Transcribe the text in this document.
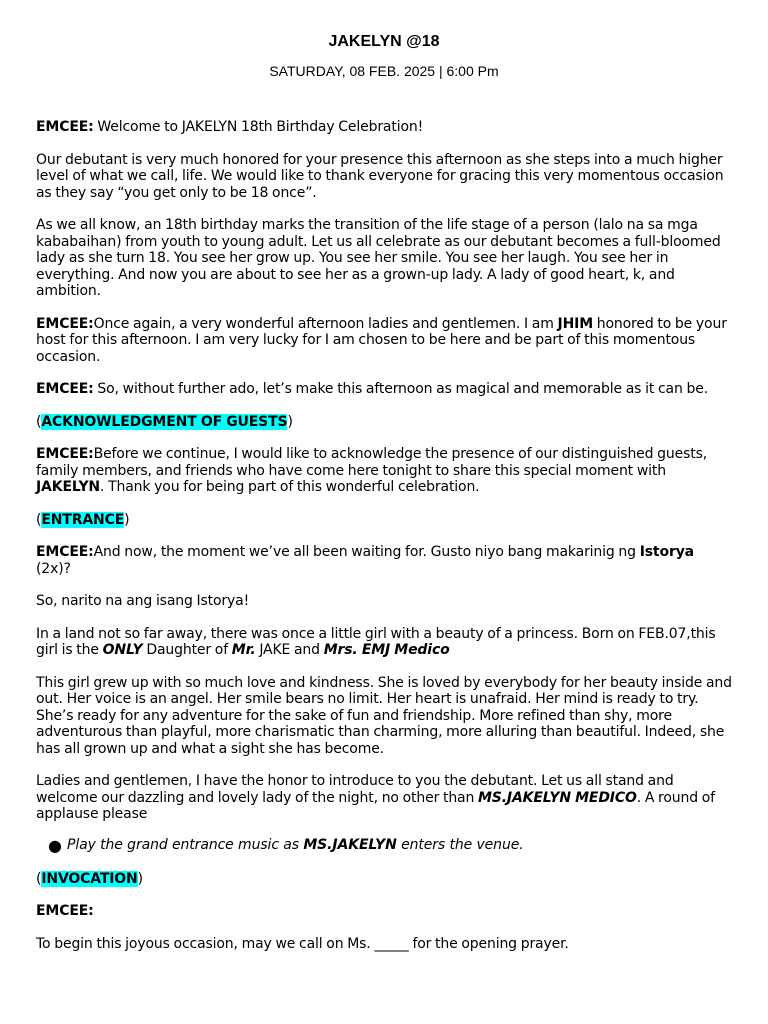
JAKELYN @18
SATURDAY, 08 FEB. 2025 | 6:00 Pm

EMCEE: Welcome to JAKELYN 18th Birthday Celebration!

Our debutant is very much honored for your presence this afternoon as she steps into a much higher level of what we call, life. We would like to thank everyone for gracing this very momentous occasion as they say “you get only to be 18 once”.

As we all know, an 18th birthday marks the transition of the life stage of a person (lalo na sa mga kababaihan) from youth to young adult. Let us all celebrate as our debutant becomes a full-bloomed lady as she turn 18. You see her grow up. You see her smile. You see her laugh. You see her in everything. And now you are about to see her as a grown-up lady. A lady of good heart, k, and ambition.

EMCEE:Once again, a very wonderful afternoon ladies and gentlemen. I am JHIM honored to be your host for this afternoon. I am very lucky for I am chosen to be here and be part of this momentous occasion.

EMCEE: So, without further ado, let’s make this afternoon as magical and memorable as it can be.

(ACKNOWLEDGMENT OF GUESTS)

EMCEE:Before we continue, I would like to acknowledge the presence of our distinguished guests, family members, and friends who have come here tonight to share this special moment with JAKELYN. Thank you for being part of this wonderful celebration.

(ENTRANCE)

EMCEE:And now, the moment we’ve all been waiting for. Gusto niyo bang makarinig ng Istorya (2x)?

So, narito na ang isang Istorya!

In a land not so far away, there was once a little girl with a beauty of a princess. Born on FEB.07,this girl is the ONLY Daughter of Mr. JAKE and Mrs. EMJ Medico

This girl grew up with so much love and kindness. She is loved by everybody for her beauty inside and out. Her voice is an angel. Her smile bears no limit. Her heart is unafraid. Her mind is ready to try. She’s ready for any adventure for the sake of fun and friendship. More refined than shy, more adventurous than playful, more charismatic than charming, more alluring than beautiful. Indeed, she has all grown up and what a sight she has become.

Ladies and gentlemen, I have the honor to introduce to you the debutant. Let us all stand and welcome our dazzling and lovely lady of the night, no other than MS.JAKELYN MEDICO. A round of applause please

● Play the grand entrance music as MS.JAKELYN enters the venue.

(INVOCATION)

EMCEE:

To begin this joyous occasion, may we call on Ms. _____ for the opening prayer.
